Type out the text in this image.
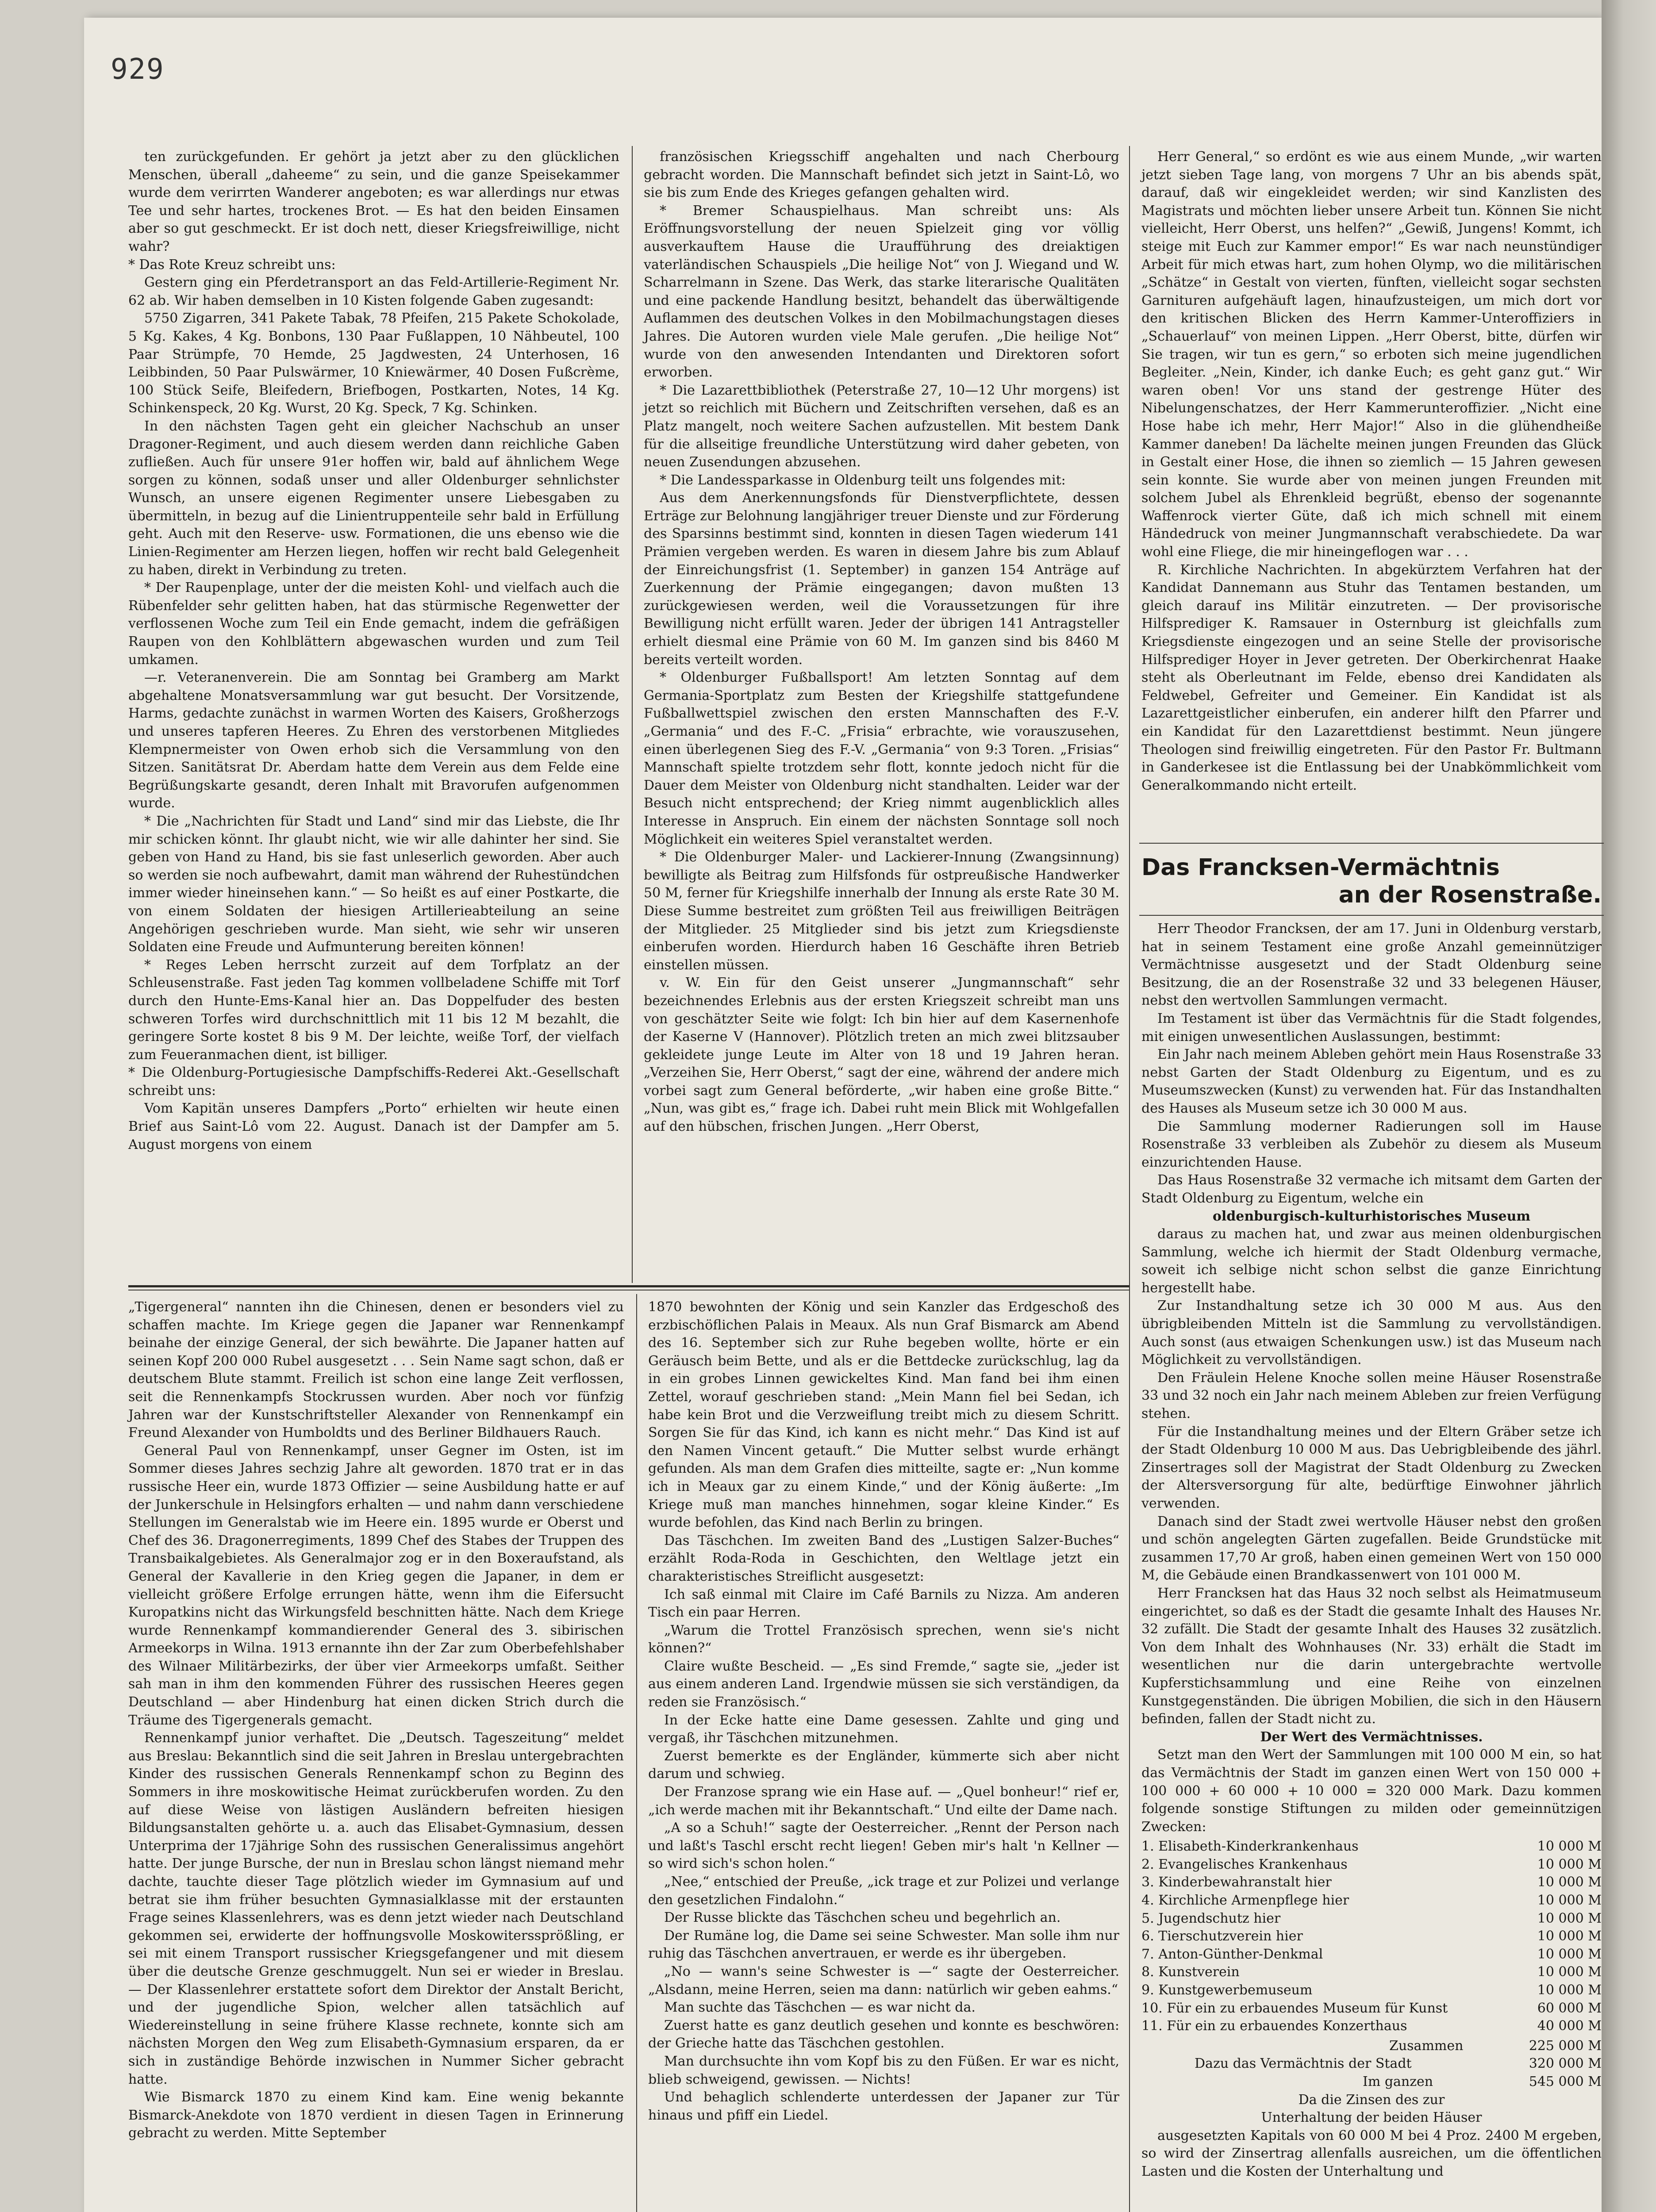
929

ten zurückgefunden. Er gehört ja jetzt aber zu den glücklichen Menschen, überall „daheeme“ zu sein, und die ganze Speisekammer wurde dem verirrten Wanderer angeboten; es war allerdings nur etwas Tee und sehr hartes, trockenes Brot. — Es hat den beiden Einsamen aber so gut geschmeckt. Er ist doch nett, dieser Kriegsfreiwillige, nicht wahr?

* Das Rote Kreuz schreibt uns:

Gestern ging ein Pferdetransport an das Feld-Artillerie-Regiment Nr. 62 ab. Wir haben demselben in 10 Kisten folgende Gaben zugesandt:

5750 Zigarren, 341 Pakete Tabak, 78 Pfeifen, 215 Pakete Schokolade, 5 Kg. Kakes, 4 Kg. Bonbons, 130 Paar Fußlappen, 10 Nähbeutel, 100 Paar Strümpfe, 70 Hemde, 25 Jagdwesten, 24 Unterhosen, 16 Leibbinden, 50 Paar Pulswärmer, 10 Kniewärmer, 40 Dosen Fußcrème, 100 Stück Seife, Bleifedern, Briefbogen, Postkarten, Notes, 14 Kg. Schinkenspeck, 20 Kg. Wurst, 20 Kg. Speck, 7 Kg. Schinken.

In den nächsten Tagen geht ein gleicher Nachschub an unser Dragoner-Regiment, und auch diesem werden dann reichliche Gaben zufließen. Auch für unsere 91er hoffen wir, bald auf ähnlichem Wege sorgen zu können, sodaß unser und aller Oldenburger sehnlichster Wunsch, an unsere eigenen Regimenter unsere Liebesgaben zu übermitteln, in bezug auf die Linientruppenteile sehr bald in Erfüllung geht. Auch mit den Reserve- usw. Formationen, die uns ebenso wie die Linien-Regimenter am Herzen liegen, hoffen wir recht bald Gelegenheit zu haben, direkt in Verbindung zu treten.

* Der Raupenplage, unter der die meisten Kohl- und vielfach auch die Rübenfelder sehr gelitten haben, hat das stürmische Regenwetter der verflossenen Woche zum Teil ein Ende gemacht, indem die gefräßigen Raupen von den Kohlblättern abgewaschen wurden und zum Teil umkamen.

—r. Veteranenverein. Die am Sonntag bei Gramberg am Markt abgehaltene Monatsversammlung war gut besucht. Der Vorsitzende, Harms, gedachte zunächst in warmen Worten des Kaisers, Großherzogs und unseres tapferen Heeres. Zu Ehren des verstorbenen Mitgliedes Klempnermeister von Owen erhob sich die Versammlung von den Sitzen. Sanitätsrat Dr. Aberdam hatte dem Verein aus dem Felde eine Begrüßungskarte gesandt, deren Inhalt mit Bravorufen aufgenommen wurde.

* Die „Nachrichten für Stadt und Land“ sind mir das Liebste, die Ihr mir schicken könnt. Ihr glaubt nicht, wie wir alle dahinter her sind. Sie geben von Hand zu Hand, bis sie fast unleserlich geworden. Aber auch so werden sie noch aufbewahrt, damit man während der Ruhestündchen immer wieder hineinsehen kann.“ — So heißt es auf einer Postkarte, die von einem Soldaten der hiesigen Artillerieabteilung an seine Angehörigen geschrieben wurde. Man sieht, wie sehr wir unseren Soldaten eine Freude und Aufmunterung bereiten können!

* Reges Leben herrscht zurzeit auf dem Torfplatz an der Schleusenstraße. Fast jeden Tag kommen vollbeladene Schiffe mit Torf durch den Hunte-Ems-Kanal hier an. Das Doppelfuder des besten schweren Torfes wird durchschnittlich mit 11 bis 12 M bezahlt, die geringere Sorte kostet 8 bis 9 M. Der leichte, weiße Torf, der vielfach zum Feueranmachen dient, ist billiger.

* Die Oldenburg-Portugiesische Dampfschiffs-Rederei Akt.-Gesellschaft schreibt uns:

Vom Kapitän unseres Dampfers „Porto“ erhielten wir heute einen Brief aus Saint-Lô vom 22. August. Danach ist der Dampfer am 5. August morgens von einem

französischen Kriegsschiff angehalten und nach Cherbourg gebracht worden. Die Mannschaft befindet sich jetzt in Saint-Lô, wo sie bis zum Ende des Krieges gefangen gehalten wird.

* Bremer Schauspielhaus. Man schreibt uns: Als Eröffnungsvorstellung der neuen Spielzeit ging vor völlig ausverkauftem Hause die Uraufführung des dreiaktigen vaterländischen Schauspiels „Die heilige Not“ von J. Wiegand und W. Scharrelmann in Szene. Das Werk, das starke literarische Qualitäten und eine packende Handlung besitzt, behandelt das überwältigende Auflammen des deutschen Volkes in den Mobilmachungstagen dieses Jahres. Die Autoren wurden viele Male gerufen. „Die heilige Not“ wurde von den anwesenden Intendanten und Direktoren sofort erworben.

* Die Lazarettbibliothek (Peterstraße 27, 10—12 Uhr morgens) ist jetzt so reichlich mit Büchern und Zeitschriften versehen, daß es an Platz mangelt, noch weitere Sachen aufzustellen. Mit bestem Dank für die allseitige freundliche Unterstützung wird daher gebeten, von neuen Zusendungen abzusehen.

* Die Landessparkasse in Oldenburg teilt uns folgendes mit:

Aus dem Anerkennungsfonds für Dienstverpflichtete, dessen Erträge zur Belohnung langjähriger treuer Dienste und zur Förderung des Sparsinns bestimmt sind, konnten in diesen Tagen wiederum 141 Prämien vergeben werden. Es waren in diesem Jahre bis zum Ablauf der Einreichungsfrist (1. September) in ganzen 154 Anträge auf Zuerkennung der Prämie eingegangen; davon mußten 13 zurückgewiesen werden, weil die Voraussetzungen für ihre Bewilligung nicht erfüllt waren. Jeder der übrigen 141 Antragsteller erhielt diesmal eine Prämie von 60 M. Im ganzen sind bis 8460 M bereits verteilt worden.

* Oldenburger Fußballsport! Am letzten Sonntag auf dem Germania-Sportplatz zum Besten der Kriegshilfe stattgefundene Fußballwettspiel zwischen den ersten Mannschaften des F.-V. „Germania“ und des F.-C. „Frisia“ erbrachte, wie vorauszusehen, einen überlegenen Sieg des F.-V. „Germania“ von 9:3 Toren. „Frisias“ Mannschaft spielte trotzdem sehr flott, konnte jedoch nicht für die Dauer dem Meister von Oldenburg nicht standhalten. Leider war der Besuch nicht entsprechend; der Krieg nimmt augenblicklich alles Interesse in Anspruch. Ein einem der nächsten Sonntage soll noch Möglichkeit ein weiteres Spiel veranstaltet werden.

* Die Oldenburger Maler- und Lackierer-Innung (Zwangsinnung) bewilligte als Beitrag zum Hilfsfonds für ostpreußische Handwerker 50 M, ferner für Kriegshilfe innerhalb der Innung als erste Rate 30 M. Diese Summe bestreitet zum größten Teil aus freiwilligen Beiträgen der Mitglieder. 25 Mitglieder sind bis jetzt zum Kriegsdienste einberufen worden. Hierdurch haben 16 Geschäfte ihren Betrieb einstellen müssen.

v. W. Ein für den Geist unserer „Jungmannschaft“ sehr bezeichnendes Erlebnis aus der ersten Kriegszeit schreibt man uns von geschätzter Seite wie folgt: Ich bin hier auf dem Kasernenhofe der Kaserne V (Hannover). Plötzlich treten an mich zwei blitzsauber gekleidete junge Leute im Alter von 18 und 19 Jahren heran. „Verzeihen Sie, Herr Oberst,“ sagt der eine, während der andere mich vorbei sagt zum General beförderte, „wir haben eine große Bitte.“ „Nun, was gibt es,“ frage ich. Dabei ruht mein Blick mit Wohlgefallen auf den hübschen, frischen Jungen. „Herr Oberst,

Herr General,“ so erdönt es wie aus einem Munde, „wir warten jetzt sieben Tage lang, von morgens 7 Uhr an bis abends spät, darauf, daß wir eingekleidet werden; wir sind Kanzlisten des Magistrats und möchten lieber unsere Arbeit tun. Können Sie nicht vielleicht, Herr Oberst, uns helfen?“ „Gewiß, Jungens! Kommt, ich steige mit Euch zur Kammer empor!“ Es war nach neunstündiger Arbeit für mich etwas hart, zum hohen Olymp, wo die militärischen „Schätze“ in Gestalt von vierten, fünften, vielleicht sogar sechsten Garnituren aufgehäuft lagen, hinaufzusteigen, um mich dort vor den kritischen Blicken des Herrn Kammer-Unteroffiziers in „Schauerlauf“ von meinen Lippen. „Herr Oberst, bitte, dürfen wir Sie tragen, wir tun es gern,“ so erboten sich meine jugendlichen Begleiter. „Nein, Kinder, ich danke Euch; es geht ganz gut.“ Wir waren oben! Vor uns stand der gestrenge Hüter des Nibelungenschatzes, der Herr Kammerunteroffizier. „Nicht eine Hose habe ich mehr, Herr Major!“ Also in die glühendheiße Kammer daneben! Da lächelte meinen jungen Freunden das Glück in Gestalt einer Hose, die ihnen so ziemlich — 15 Jahren gewesen sein konnte. Sie wurde aber von meinen jungen Freunden mit solchem Jubel als Ehrenkleid begrüßt, ebenso der sogenannte Waffenrock vierter Güte, daß ich mich schnell mit einem Händedruck von meiner Jungmannschaft verabschiedete. Da war wohl eine Fliege, die mir hineingeflogen war . . .

R. Kirchliche Nachrichten. In abgekürztem Verfahren hat der Kandidat Dannemann aus Stuhr das Tentamen bestanden, um gleich darauf ins Militär einzutreten. — Der provisorische Hilfsprediger K. Ramsauer in Osternburg ist gleichfalls zum Kriegsdienste eingezogen und an seine Stelle der provisorische Hilfsprediger Hoyer in Jever getreten. Der Oberkirchenrat Haake steht als Oberleutnant im Felde, ebenso drei Kandidaten als Feldwebel, Gefreiter und Gemeiner. Ein Kandidat ist als Lazarettgeistlicher einberufen, ein anderer hilft den Pfarrer und ein Kandidat für den Lazarettdienst bestimmt. Neun jüngere Theologen sind freiwillig eingetreten. Für den Pastor Fr. Bultmann in Ganderkesee ist die Entlassung bei der Unabkömmlichkeit vom Generalkommando nicht erteilt.

Das Francksen-Vermächtnis
an der Rosenstraße.

Herr Theodor Francksen, der am 17. Juni in Oldenburg verstarb, hat in seinem Testament eine große Anzahl gemeinnütziger Vermächtnisse ausgesetzt und der Stadt Oldenburg seine Besitzung, die an der Rosenstraße 32 und 33 belegenen Häuser, nebst den wertvollen Sammlungen vermacht.

Im Testament ist über das Vermächtnis für die Stadt folgendes, mit einigen unwesentlichen Auslassungen, bestimmt:

Ein Jahr nach meinem Ableben gehört mein Haus Rosenstraße 33 nebst Garten der Stadt Oldenburg zu Eigentum, und es zu Museumszwecken (Kunst) zu verwenden hat. Für das Instandhalten des Hauses als Museum setze ich 30 000 M aus.

Die Sammlung moderner Radierungen soll im Hause Rosenstraße 33 verbleiben als Zubehör zu diesem als Museum einzurichtenden Hause.

Das Haus Rosenstraße 32 vermache ich mitsamt dem Garten der Stadt Oldenburg zu Eigentum, welche ein

oldenburgisch-kulturhistorisches Museum

daraus zu machen hat, und zwar aus meinen oldenburgischen Sammlung, welche ich hiermit der Stadt Oldenburg vermache, soweit ich selbige nicht schon selbst die ganze Einrichtung hergestellt habe.

Zur Instandhaltung setze ich 30 000 M aus. Aus den übrigbleibenden Mitteln ist die Sammlung zu vervollständigen. Auch sonst (aus etwaigen Schenkungen usw.) ist das Museum nach Möglichkeit zu vervollständigen.

Den Fräulein Helene Knoche sollen meine Häuser Rosenstraße 33 und 32 noch ein Jahr nach meinem Ableben zur freien Verfügung stehen.

Für die Instandhaltung meines und der Eltern Gräber setze ich der Stadt Oldenburg 10 000 M aus. Das Uebrigbleibende des jährl. Zinsertrages soll der Magistrat der Stadt Oldenburg zu Zwecken der Altersversorgung für alte, bedürftige Einwohner jährlich verwenden.

Danach sind der Stadt zwei wertvolle Häuser nebst den großen und schön angelegten Gärten zugefallen. Beide Grundstücke mit zusammen 17,70 Ar groß, haben einen gemeinen Wert von 150 000 M, die Gebäude einen Brandkassenwert von 101 000 M.

Herr Francksen hat das Haus 32 noch selbst als Heimatmuseum eingerichtet, so daß es der Stadt die gesamte Inhalt des Hauses Nr. 32 zufällt. Die Stadt der gesamte Inhalt des Hauses 32 zusätzlich. Von dem Inhalt des Wohnhauses (Nr. 33) erhält die Stadt im wesentlichen nur die darin untergebrachte wertvolle Kupferstichsammlung und eine Reihe von einzelnen Kunstgegenständen. Die übrigen Mobilien, die sich in den Häusern befinden, fallen der Stadt nicht zu.

Der Wert des Vermächtnisses.

Setzt man den Wert der Sammlungen mit 100 000 M ein, so hat das Vermächtnis der Stadt im ganzen einen Wert von 150 000 + 100 000 + 60 000 + 10 000 = 320 000 Mark. Dazu kommen folgende sonstige Stiftungen zu milden oder gemeinnützigen Zwecken:

1. Elisabeth-Kinderkrankenhaus	10 000 M
2. Evangelisches Krankenhaus	10 000 M
3. Kinderbewahranstalt hier	10 000 M
4. Kirchliche Armenpflege hier	10 000 M
5. Jugendschutz hier	10 000 M
6. Tierschutzverein hier	10 000 M
7. Anton-Günther-Denkmal	10 000 M
8. Kunstverein	10 000 M
9. Kunstgewerbemuseum	10 000 M
10. Für ein zu erbauendes Museum für Kunst	60 000 M
11. Für ein zu erbauendes Konzerthaus	40 000 M
Zusammen	225 000 M
Dazu das Vermächtnis der Stadt	320 000 M
Im ganzen	545 000 M

Da die Zinsen des zur

Unterhaltung der beiden Häuser

ausgesetzten Kapitals von 60 000 M bei 4 Proz. 2400 M ergeben, so wird der Zinsertrag allenfalls ausreichen, um die öffentlichen Lasten und die Kosten der Unterhaltung und

„Tigergeneral“ nannten ihn die Chinesen, denen er besonders viel zu schaffen machte. Im Kriege gegen die Japaner war Rennenkampf beinahe der einzige General, der sich bewährte. Die Japaner hatten auf seinen Kopf 200 000 Rubel ausgesetzt . . . Sein Name sagt schon, daß er deutschem Blute stammt. Freilich ist schon eine lange Zeit verflossen, seit die Rennenkampfs Stockrussen wurden. Aber noch vor fünfzig Jahren war der Kunstschriftsteller Alexander von Rennenkampf ein Freund Alexander von Humboldts und des Berliner Bildhauers Rauch.

General Paul von Rennenkampf, unser Gegner im Osten, ist im Sommer dieses Jahres sechzig Jahre alt geworden. 1870 trat er in das russische Heer ein, wurde 1873 Offizier — seine Ausbildung hatte er auf der Junkerschule in Helsingfors erhalten — und nahm dann verschiedene Stellungen im Generalstab wie im Heere ein. 1895 wurde er Oberst und Chef des 36. Dragonerregiments, 1899 Chef des Stabes der Truppen des Transbaikalgebietes. Als Generalmajor zog er in den Boxeraufstand, als General der Kavallerie in den Krieg gegen die Japaner, in dem er vielleicht größere Erfolge errungen hätte, wenn ihm die Eifersucht Kuropatkins nicht das Wirkungsfeld beschnitten hätte. Nach dem Kriege wurde Rennenkampf kommandierender General des 3. sibirischen Armeekorps in Wilna. 1913 ernannte ihn der Zar zum Oberbefehlshaber des Wilnaer Militärbezirks, der über vier Armeekorps umfaßt. Seither sah man in ihm den kommenden Führer des russischen Heeres gegen Deutschland — aber Hindenburg hat einen dicken Strich durch die Träume des Tigergenerals gemacht.

Rennenkampf junior verhaftet. Die „Deutsch. Tageszeitung“ meldet aus Breslau: Bekanntlich sind die seit Jahren in Breslau untergebrachten Kinder des russischen Generals Rennenkampf schon zu Beginn des Sommers in ihre moskowitische Heimat zurückberufen worden. Zu den auf diese Weise von lästigen Ausländern befreiten hiesigen Bildungsanstalten gehörte u. a. auch das Elisabet-Gymnasium, dessen Unterprima der 17jährige Sohn des russischen Generalissimus angehört hatte. Der junge Bursche, der nun in Breslau schon längst niemand mehr dachte, tauchte dieser Tage plötzlich wieder im Gymnasium auf und betrat sie ihm früher besuchten Gymnasialklasse mit der erstaunten Frage seines Klassenlehrers, was es denn jetzt wieder nach Deutschland gekommen sei, erwiderte der hoffnungsvolle Moskowiterssprößling, er sei mit einem Transport russischer Kriegsgefangener und mit diesem über die deutsche Grenze geschmuggelt. Nun sei er wieder in Breslau. — Der Klassenlehrer erstattete sofort dem Direktor der Anstalt Bericht, und der jugendliche Spion, welcher allen tatsächlich auf Wiedereinstellung in seine frühere Klasse rechnete, konnte sich am nächsten Morgen den Weg zum Elisabeth-Gymnasium ersparen, da er sich in zuständige Behörde inzwischen in Nummer Sicher gebracht hatte.

Wie Bismarck 1870 zu einem Kind kam. Eine wenig bekannte Bismarck-Anekdote von 1870 verdient in diesen Tagen in Erinnerung gebracht zu werden. Mitte September

1870 bewohnten der König und sein Kanzler das Erdgeschoß des erzbischöflichen Palais in Meaux. Als nun Graf Bismarck am Abend des 16. September sich zur Ruhe begeben wollte, hörte er ein Geräusch beim Bette, und als er die Bettdecke zurückschlug, lag da in ein grobes Linnen gewickeltes Kind. Man fand bei ihm einen Zettel, worauf geschrieben stand: „Mein Mann fiel bei Sedan, ich habe kein Brot und die Verzweiflung treibt mich zu diesem Schritt. Sorgen Sie für das Kind, ich kann es nicht mehr.“ Das Kind ist auf den Namen Vincent getauft.“ Die Mutter selbst wurde erhängt gefunden. Als man dem Grafen dies mitteilte, sagte er: „Nun komme ich in Meaux gar zu einem Kinde,“ und der König äußerte: „Im Kriege muß man manches hinnehmen, sogar kleine Kinder.“ Es wurde befohlen, das Kind nach Berlin zu bringen.

Das Täschchen. Im zweiten Band des „Lustigen Salzer-Buches“ erzählt Roda-Roda in Geschichten, den Weltlage jetzt ein charakteristisches Streiflicht ausgesetzt:

Ich saß einmal mit Claire im Café Barnils zu Nizza. Am anderen Tisch ein paar Herren.

„Warum die Trottel Französisch sprechen, wenn sie's nicht können?“

Claire wußte Bescheid. — „Es sind Fremde,“ sagte sie, „jeder ist aus einem anderen Land. Irgendwie müssen sie sich verständigen, da reden sie Französisch.“

In der Ecke hatte eine Dame gesessen. Zahlte und ging und vergaß, ihr Täschchen mitzunehmen.

Zuerst bemerkte es der Engländer, kümmerte sich aber nicht darum und schwieg.

Der Franzose sprang wie ein Hase auf. — „Quel bonheur!“ rief er, „ich werde machen mit ihr Bekanntschaft.“ Und eilte der Dame nach.

„A so a Schuh!“ sagte der Oesterreicher. „Rennt der Person nach und laßt's Taschl erscht recht liegen! Geben mir's halt 'n Kellner — so wird sich's schon holen.“

„Nee,“ entschied der Preuße, „ick trage et zur Polizei und verlange den gesetzlichen Findalohn.“

Der Russe blickte das Täschchen scheu und begehrlich an.

Der Rumäne log, die Dame sei seine Schwester. Man solle ihm nur ruhig das Täschchen anvertrauen, er werde es ihr übergeben.

„No — wann's seine Schwester is —“ sagte der Oesterreicher. „Alsdann, meine Herren, seien ma dann: natürlich wir geben eahms.“

Man suchte das Täschchen — es war nicht da.

Zuerst hatte es ganz deutlich gesehen und konnte es beschwören: der Grieche hatte das Täschchen gestohlen.

Man durchsuchte ihn vom Kopf bis zu den Füßen. Er war es nicht, blieb schweigend, gewissen. — Nichts!

Und behaglich schlenderte unterdessen der Japaner zur Tür hinaus und pfiff ein Liedel.
